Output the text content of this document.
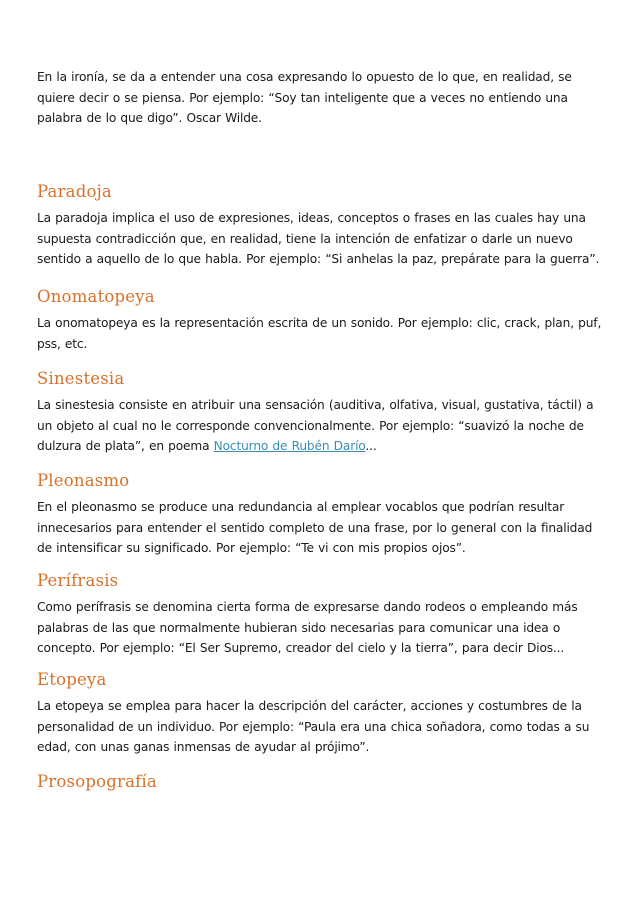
En la ironía, se da a entender una cosa expresando lo opuesto de lo que, en realidad, se quiere decir o se piensa. Por ejemplo: “Soy tan inteligente que a veces no entiendo una palabra de lo que digo”. Oscar Wilde.

Paradoja

La paradoja implica el uso de expresiones, ideas, conceptos o frases en las cuales hay una supuesta contradicción que, en realidad, tiene la intención de enfatizar o darle un nuevo sentido a aquello de lo que habla. Por ejemplo: “Si anhelas la paz, prepárate para la guerra”.

Onomatopeya

La onomatopeya es la representación escrita de un sonido. Por ejemplo: clic, crack, plan, puf, pss, etc.

Sinestesia

La sinestesia consiste en atribuir una sensación (auditiva, olfativa, visual, gustativa, táctil) a un objeto al cual no le corresponde convencionalmente. Por ejemplo: “suavizó la noche de dulzura de plata”, en poema Nocturno de Rubén Darío...

Pleonasmo

En el pleonasmo se produce una redundancia al emplear vocablos que podrían resultar innecesarios para entender el sentido completo de una frase, por lo general con la finalidad de intensificar su significado. Por ejemplo: “Te vi con mis propios ojos”.

Perífrasis

Como perífrasis se denomina cierta forma de expresarse dando rodeos o empleando más palabras de las que normalmente hubieran sido necesarias para comunicar una idea o concepto. Por ejemplo: “El Ser Supremo, creador del cielo y la tierra”, para decir Dios...

Etopeya

La etopeya se emplea para hacer la descripción del carácter, acciones y costumbres de la personalidad de un individuo. Por ejemplo: “Paula era una chica soñadora, como todas a su edad, con unas ganas inmensas de ayudar al prójimo”.

Prosopografía
